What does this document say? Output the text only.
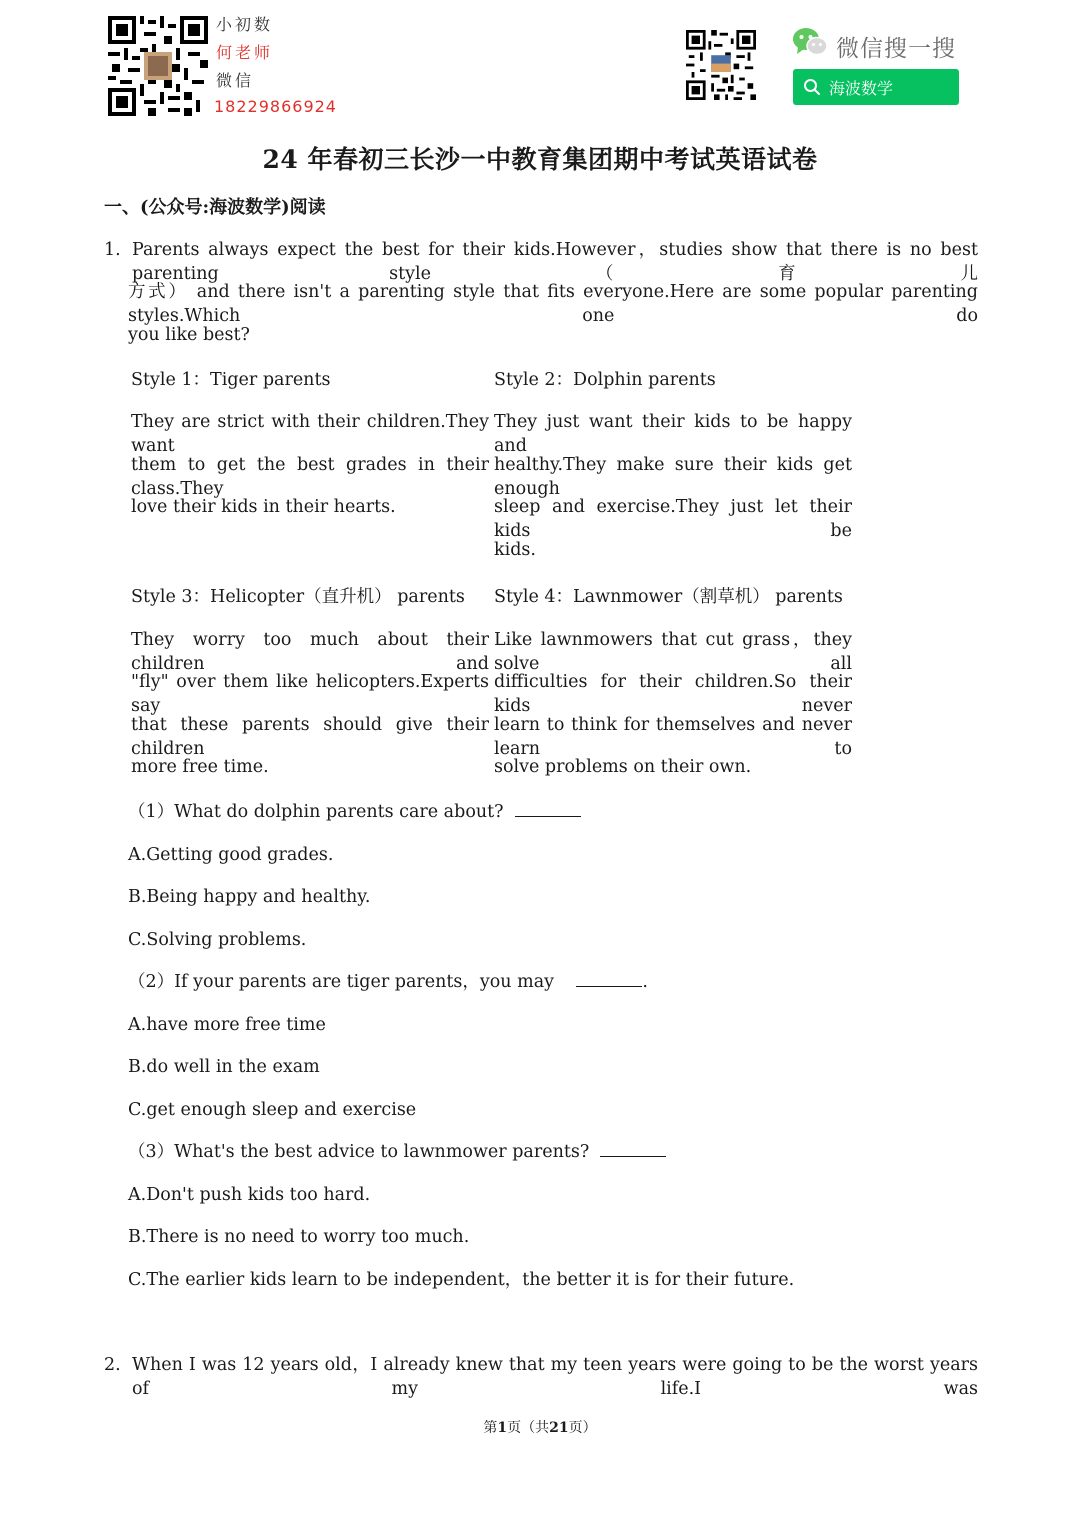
小初数
何老师
微信
18229866924
微信搜一搜
海波数学
24 年春初三长沙一中教育集团期中考试英语试卷
一、(公众号:海波数学)阅读
1. Parents always expect the best for their kids.However，studies show that there is no best parenting style（育儿
方式） and there isn't a parenting style that fits everyone.Here are some popular parenting styles.Which one do
you like best?
Style 1：Tiger parents	Style 2：Dolphin parents
They are strict with their children.They want
them to get the best grades in their class.They
love their kids in their hearts.
They just want their kids to be happy and
healthy.They make sure their kids get enough
sleep and exercise.They just let their kids be
kids.
Style 3：Helicopter（直升机） parents Style 4：Lawnmower（割草机） parents
They worry too much about their children and
"fly" over them like helicopters.Experts say
that these parents should give their children
more free time.
Like lawnmowers that cut grass，they solve all
difficulties for their children.So their kids never
learn to think for themselves and never learn to
solve problems on their own.
（1）What do dolphin parents care about?
A.Getting good grades.
B.Being happy and healthy.
C.Solving problems.
（2）If your parents are tiger parents，you may	.
A.have more free time
B.do well in the exam
C.get enough sleep and exercise
（3）What's the best advice to lawnmower parents?
A.Don't push kids too hard.
B.There is no need to worry too much.
C.The earlier kids learn to be independent，the better it is for their future.
2. When I was 12 years old，I already knew that my teen years were going to be the worst years of my life.I was
第1页（共21页）
